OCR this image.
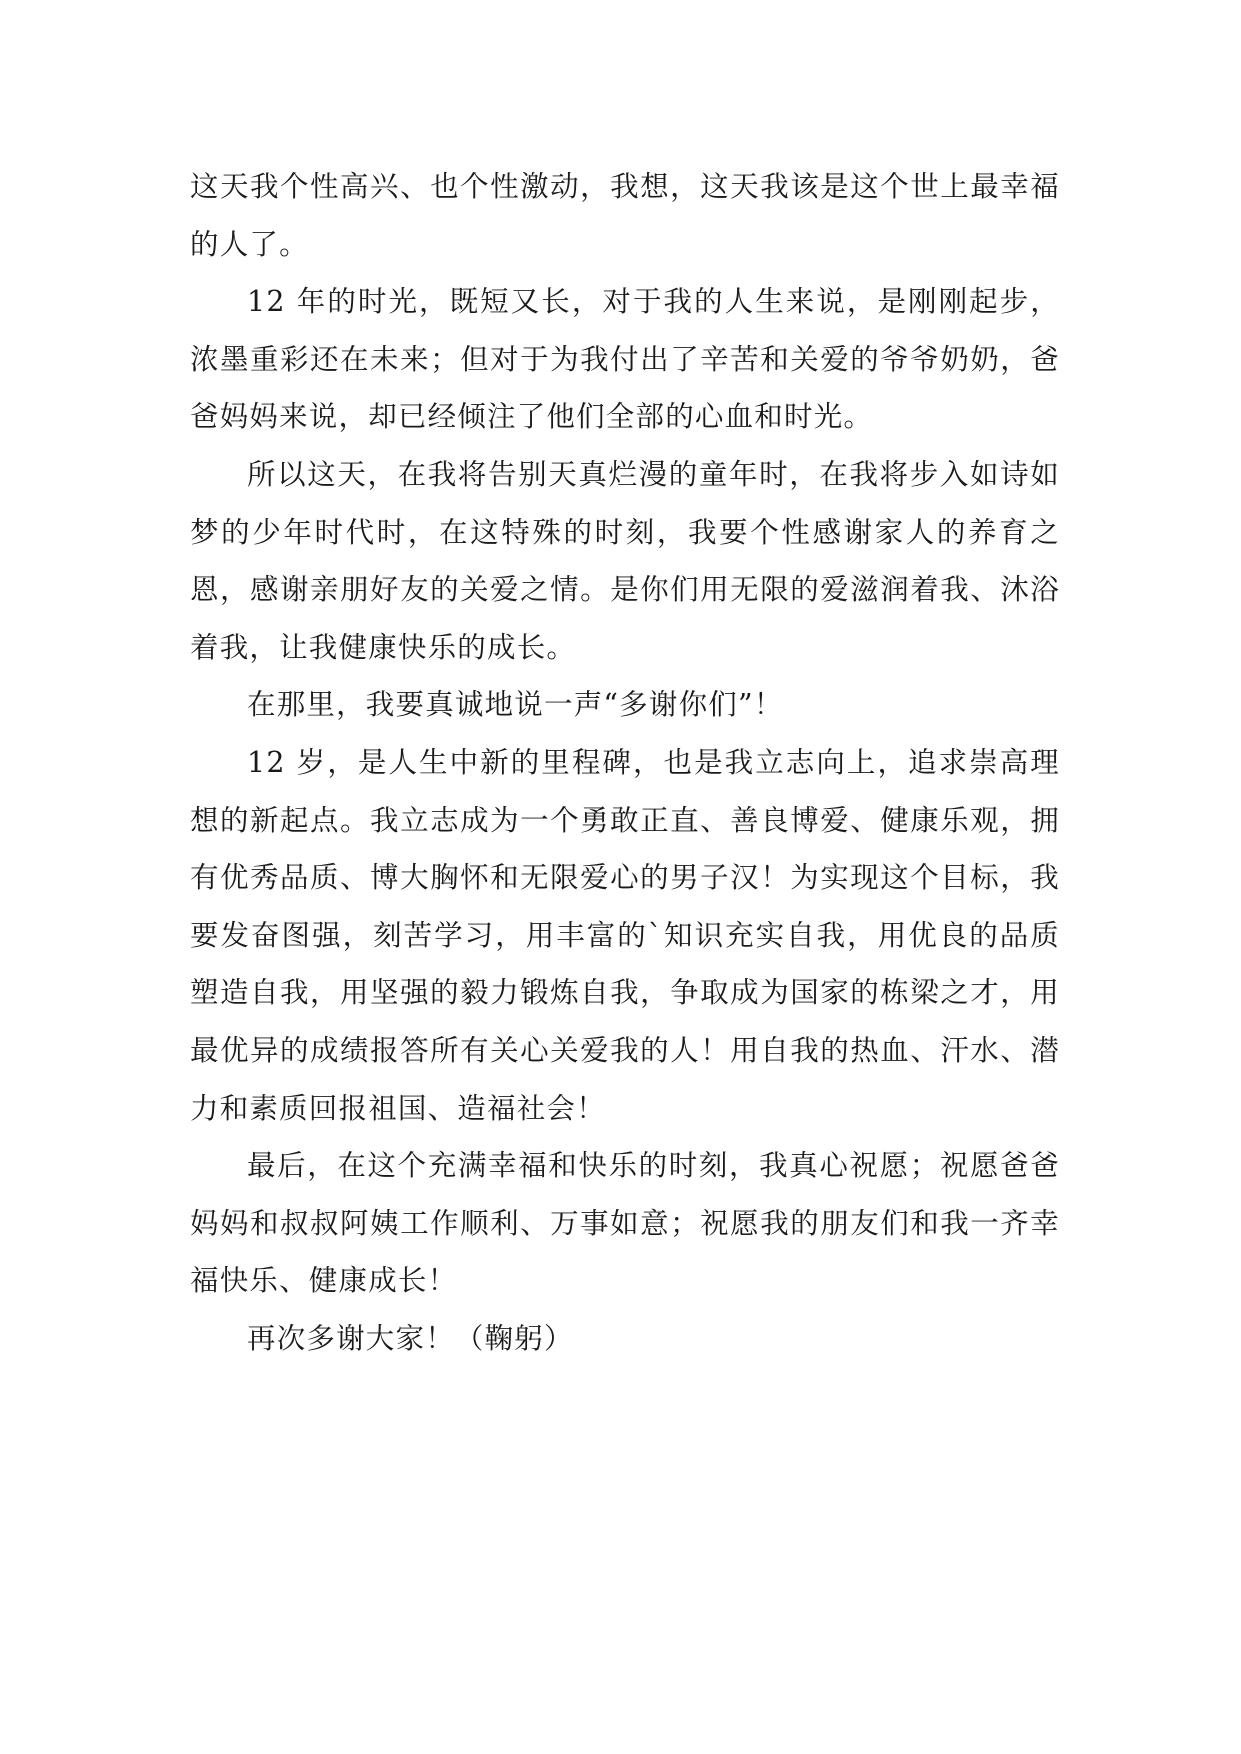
这天我个性高兴、也个性激动，我想，这天我该是这个世上最幸福的人了。

12 年的时光，既短又长，对于我的人生来说，是刚刚起步，浓墨重彩还在未来；但对于为我付出了辛苦和关爱的爷爷奶奶，爸爸妈妈来说，却已经倾注了他们全部的心血和时光。

所以这天，在我将告别天真烂漫的童年时，在我将步入如诗如梦的少年时代时，在这特殊的时刻，我要个性感谢家人的养育之恩，感谢亲朋好友的关爱之情。是你们用无限的爱滋润着我、沐浴着我，让我健康快乐的成长。

在那里，我要真诚地说一声“多谢你们”！

12 岁，是人生中新的里程碑，也是我立志向上，追求崇高理想的新起点。我立志成为一个勇敢正直、善良博爱、健康乐观，拥有优秀品质、博大胸怀和无限爱心的男子汉！为实现这个目标，我要发奋图强，刻苦学习，用丰富的`知识充实自我，用优良的品质塑造自我，用坚强的毅力锻炼自我，争取成为国家的栋梁之才，用最优异的成绩报答所有关心关爱我的人！用自我的热血、汗水、潜力和素质回报祖国、造福社会！

最后，在这个充满幸福和快乐的时刻，我真心祝愿；祝愿爸爸妈妈和叔叔阿姨工作顺利、万事如意；祝愿我的朋友们和我一齐幸福快乐、健康成长！

再次多谢大家！（鞠躬）
